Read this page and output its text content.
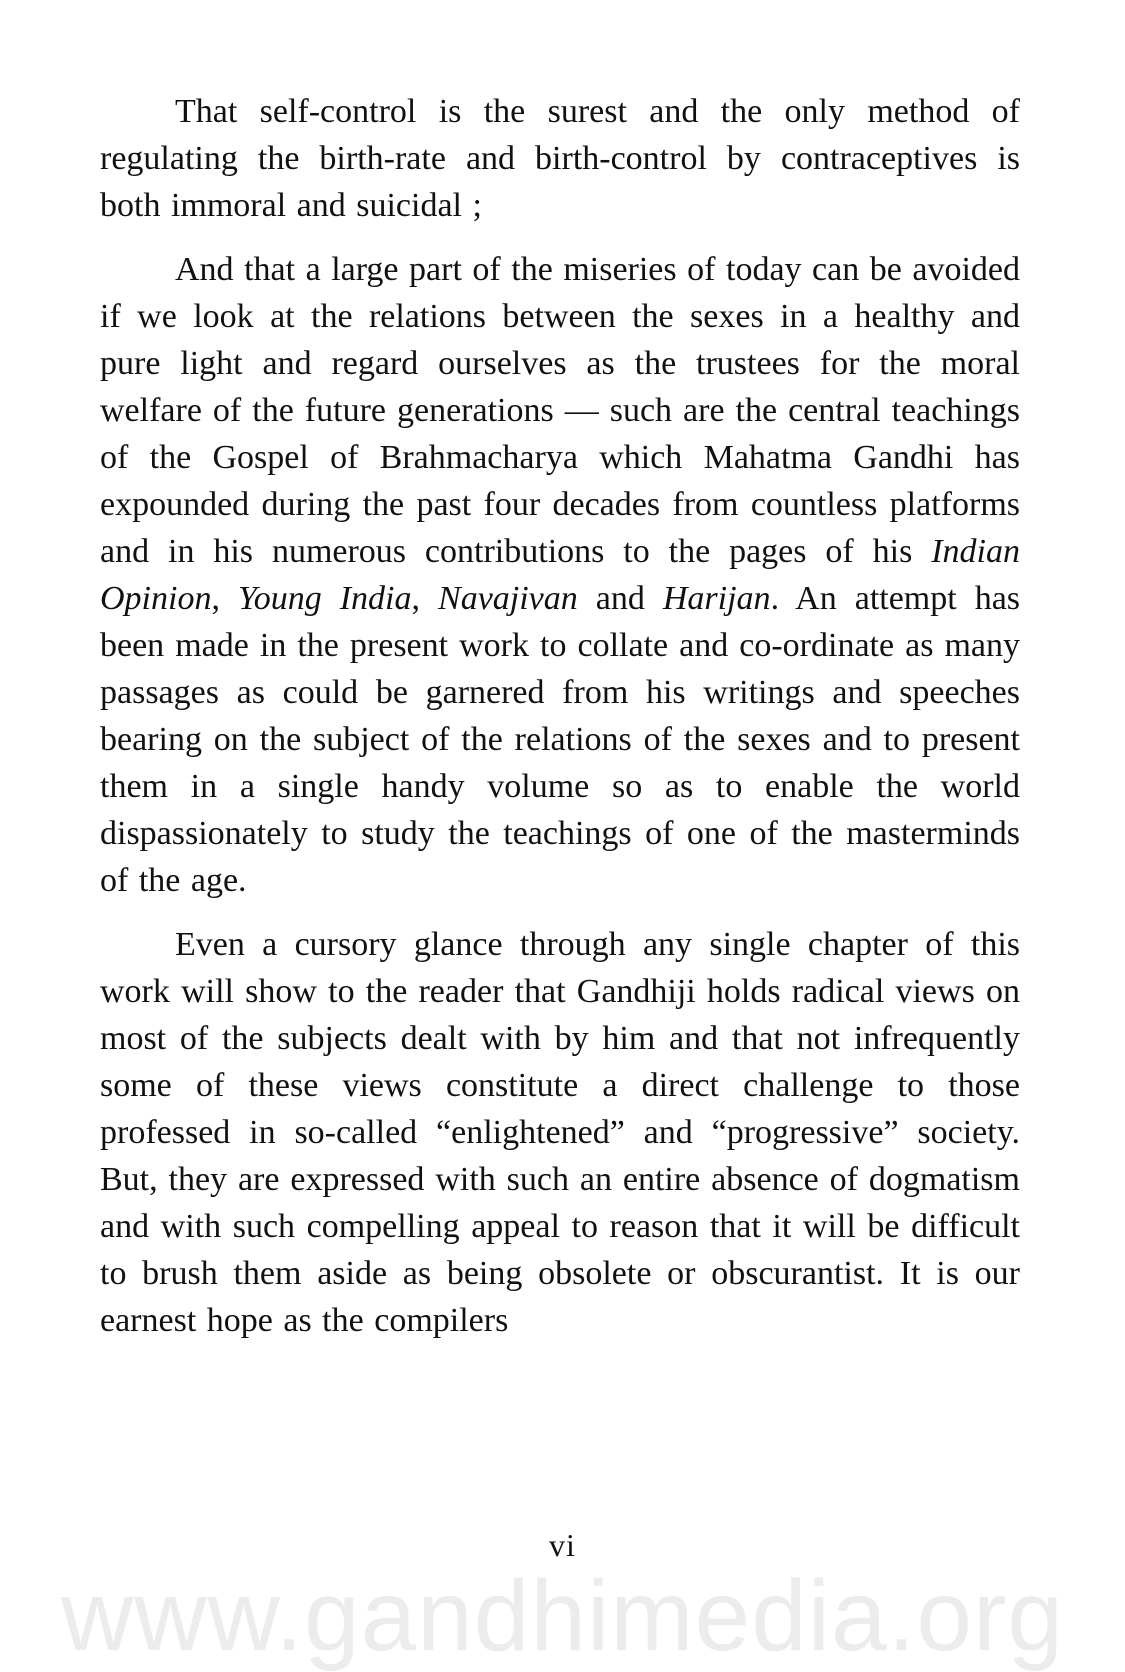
That self-control is the surest and the only method of regulating the birth-rate and birth-control by contraceptives is both immoral and suicidal ;

And that a large part of the miseries of today can be avoided if we look at the relations between the sexes in a healthy and pure light and regard ourselves as the trustees for the moral welfare of the future generations — such are the central teachings of the Gospel of Brahmacharya which Mahatma Gandhi has expounded during the past four decades from countless platforms and in his numerous contributions to the pages of his Indian Opinion, Young India, Navajivan and Harijan. An attempt has been made in the present work to collate and co-ordinate as many passages as could be garnered from his writings and speeches bearing on the subject of the relations of the sexes and to present them in a single handy volume so as to enable the world dispassionately to study the teachings of one of the masterminds of the age.

Even a cursory glance through any single chapter of this work will show to the reader that Gandhiji holds radical views on most of the subjects dealt with by him and that not infrequently some of these views constitute a direct challenge to those professed in so-called “enlightened” and “progressive” society. But, they are expressed with such an entire absence of dogmatism and with such compelling appeal to reason that it will be difficult to brush them aside as being obsolete or obscurantist. It is our earnest hope as the compilers

vi
www.gandhimedia.org
